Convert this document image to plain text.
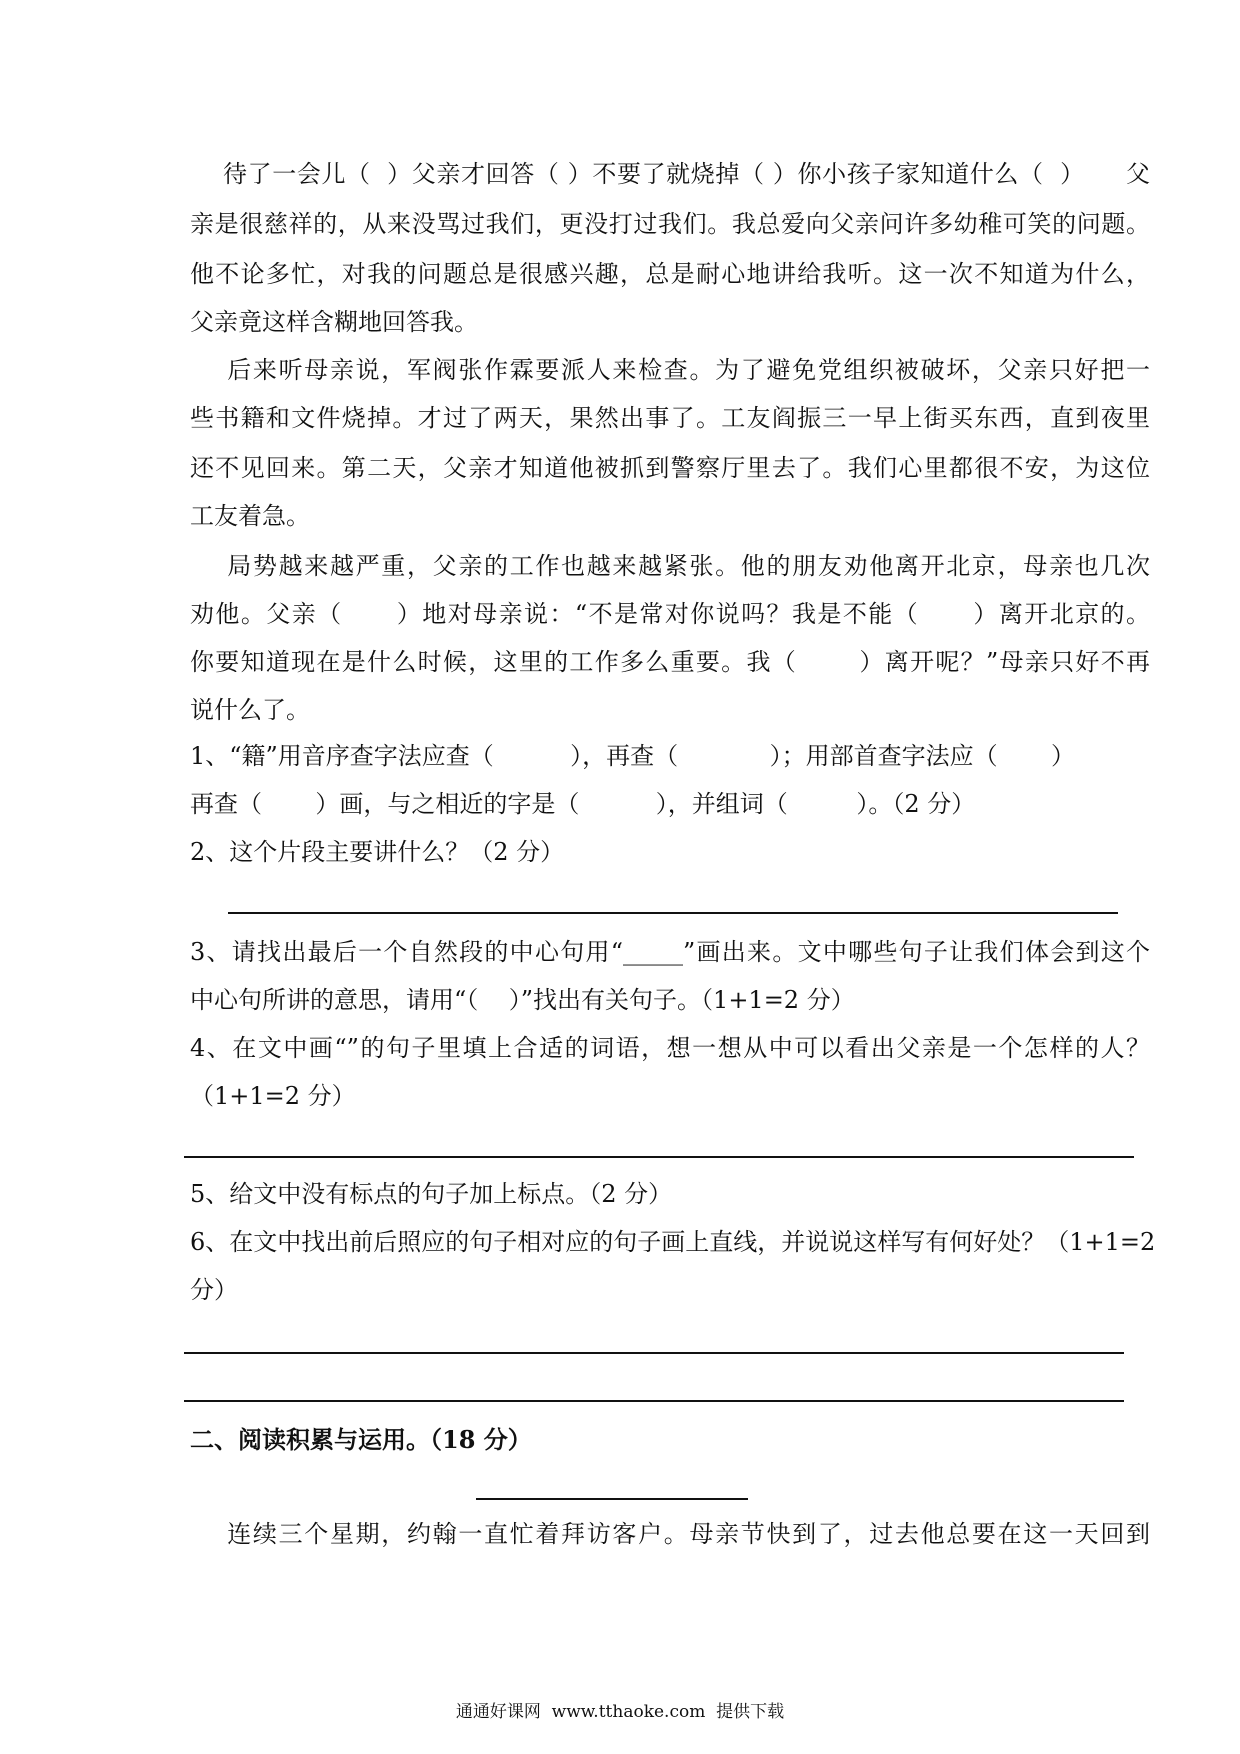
待了一会儿（  ）父亲才回答（ ）不要了就烧掉（ ）你小孩子家知道什么（  ）     父
亲是很慈祥的，从来没骂过我们，更没打过我们。我总爱向父亲问许多幼稚可笑的问题。
他不论多忙，对我的问题总是很感兴趣，总是耐心地讲给我听。这一次不知道为什么，
父亲竟这样含糊地回答我。
后来听母亲说，军阀张作霖要派人来检查。为了避免党组织被破坏，父亲只好把一
些书籍和文件烧掉。才过了两天，果然出事了。工友阎振三一早上街买东西，直到夜里
还不见回来。第二天，父亲才知道他被抓到警察厅里去了。我们心里都很不安，为这位
工友着急。
局势越来越严重，父亲的工作也越来越紧张。他的朋友劝他离开北京，母亲也几次
劝他。父亲（      ）地对母亲说：“不是常对你说吗？我是不能（      ）离开北京的。
你要知道现在是什么时候，这里的工作多么重要。我（       ）离开呢？”母亲只好不再
说什么了。
1、“籍”用音序查字法应查（          ），再查（            ）；用部首查字法应（       ）
再查（       ）画，与之相近的字是（          ），并组词（         ）。（2 分）
2、这个片段主要讲什么？（2 分）
3、请找出最后一个自然段的中心句用“_____”画出来。文中哪些句子让我们体会到这个
中心句所讲的意思，请用“（    ）”找出有关句子。（1+1=2 分）
4、在文中画“”的句子里填上合适的词语，想一想从中可以看出父亲是一个怎样的人？
（1+1=2 分）
5、给文中没有标点的句子加上标点。（2 分）
6、在文中找出前后照应的句子相对应的句子画上直线，并说说这样写有何好处？（1+1=2
分）
二、阅读积累与运用。（18 分）
连续三个星期，约翰一直忙着拜访客户。母亲节快到了，过去他总要在这一天回到
通通好课网  www.tthaoke.com  提供下载
